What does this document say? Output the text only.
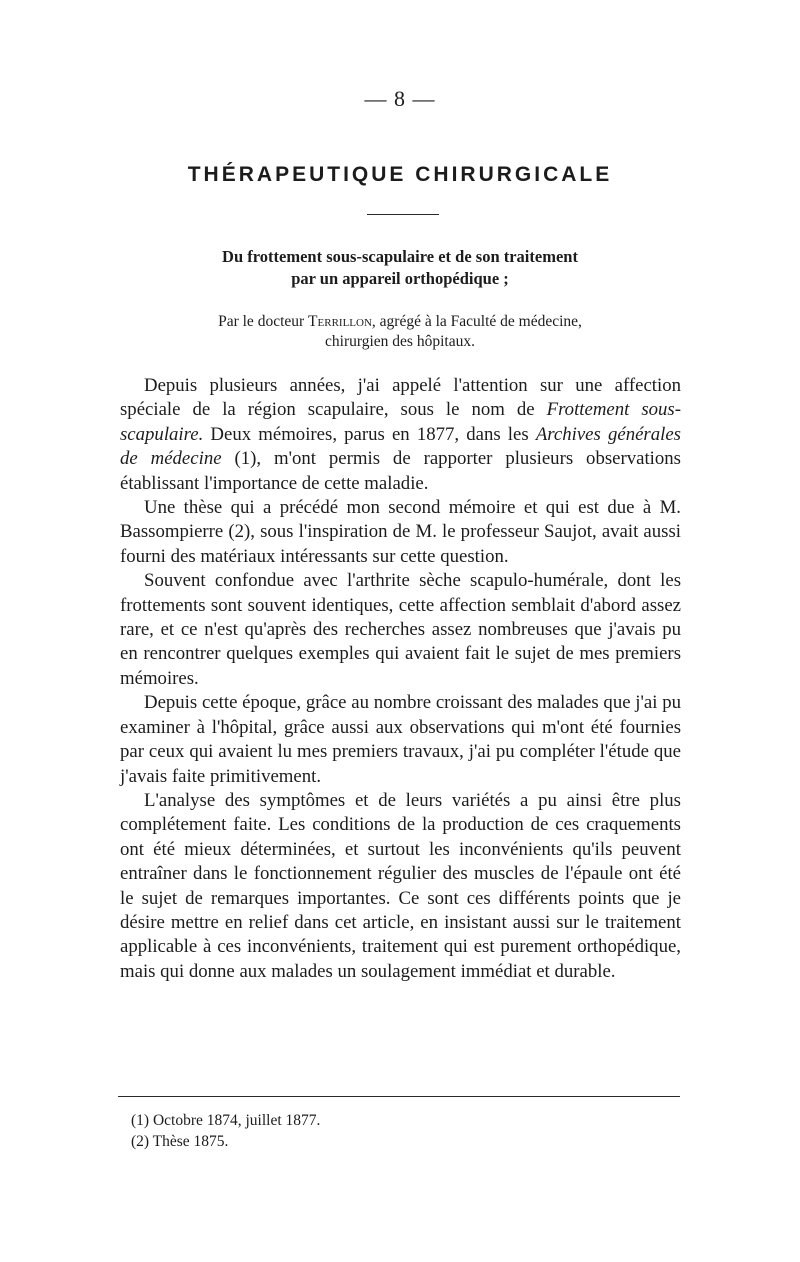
— 8 —
THÉRAPEUTIQUE CHIRURGICALE
Du frottement sous-scapulaire et de son traitement
par un appareil orthopédique ;
Par le docteur Terrillon, agrégé à la Faculté de médecine,
chirurgien des hôpitaux.

Depuis plusieurs années, j'ai appelé l'attention sur une affection spéciale de la région scapulaire, sous le nom de Frottement sous-scapulaire. Deux mémoires, parus en 1877, dans les Archives générales de médecine (1), m'ont permis de rapporter plusieurs observations établissant l'importance de cette maladie.

Une thèse qui a précédé mon second mémoire et qui est due à M. Bassompierre (2), sous l'inspiration de M. le professeur Saujot, avait aussi fourni des matériaux intéressants sur cette question.

Souvent confondue avec l'arthrite sèche scapulo-humérale, dont les frottements sont souvent identiques, cette affection semblait d'abord assez rare, et ce n'est qu'après des recherches assez nombreuses que j'avais pu en rencontrer quelques exemples qui avaient fait le sujet de mes premiers mémoires.

Depuis cette époque, grâce au nombre croissant des malades que j'ai pu examiner à l'hôpital, grâce aussi aux observations qui m'ont été fournies par ceux qui avaient lu mes premiers travaux, j'ai pu compléter l'étude que j'avais faite primitivement.

L'analyse des symptômes et de leurs variétés a pu ainsi être plus complétement faite. Les conditions de la production de ces craquements ont été mieux déterminées, et surtout les inconvénients qu'ils peuvent entraîner dans le fonctionnement régulier des muscles de l'épaule ont été le sujet de remarques importantes. Ce sont ces différents points que je désire mettre en relief dans cet article, en insistant aussi sur le traitement applicable à ces inconvénients, traitement qui est purement orthopédique, mais qui donne aux malades un soulagement immédiat et durable.

(1) Octobre 1874, juillet 1877.
(2) Thèse 1875.
